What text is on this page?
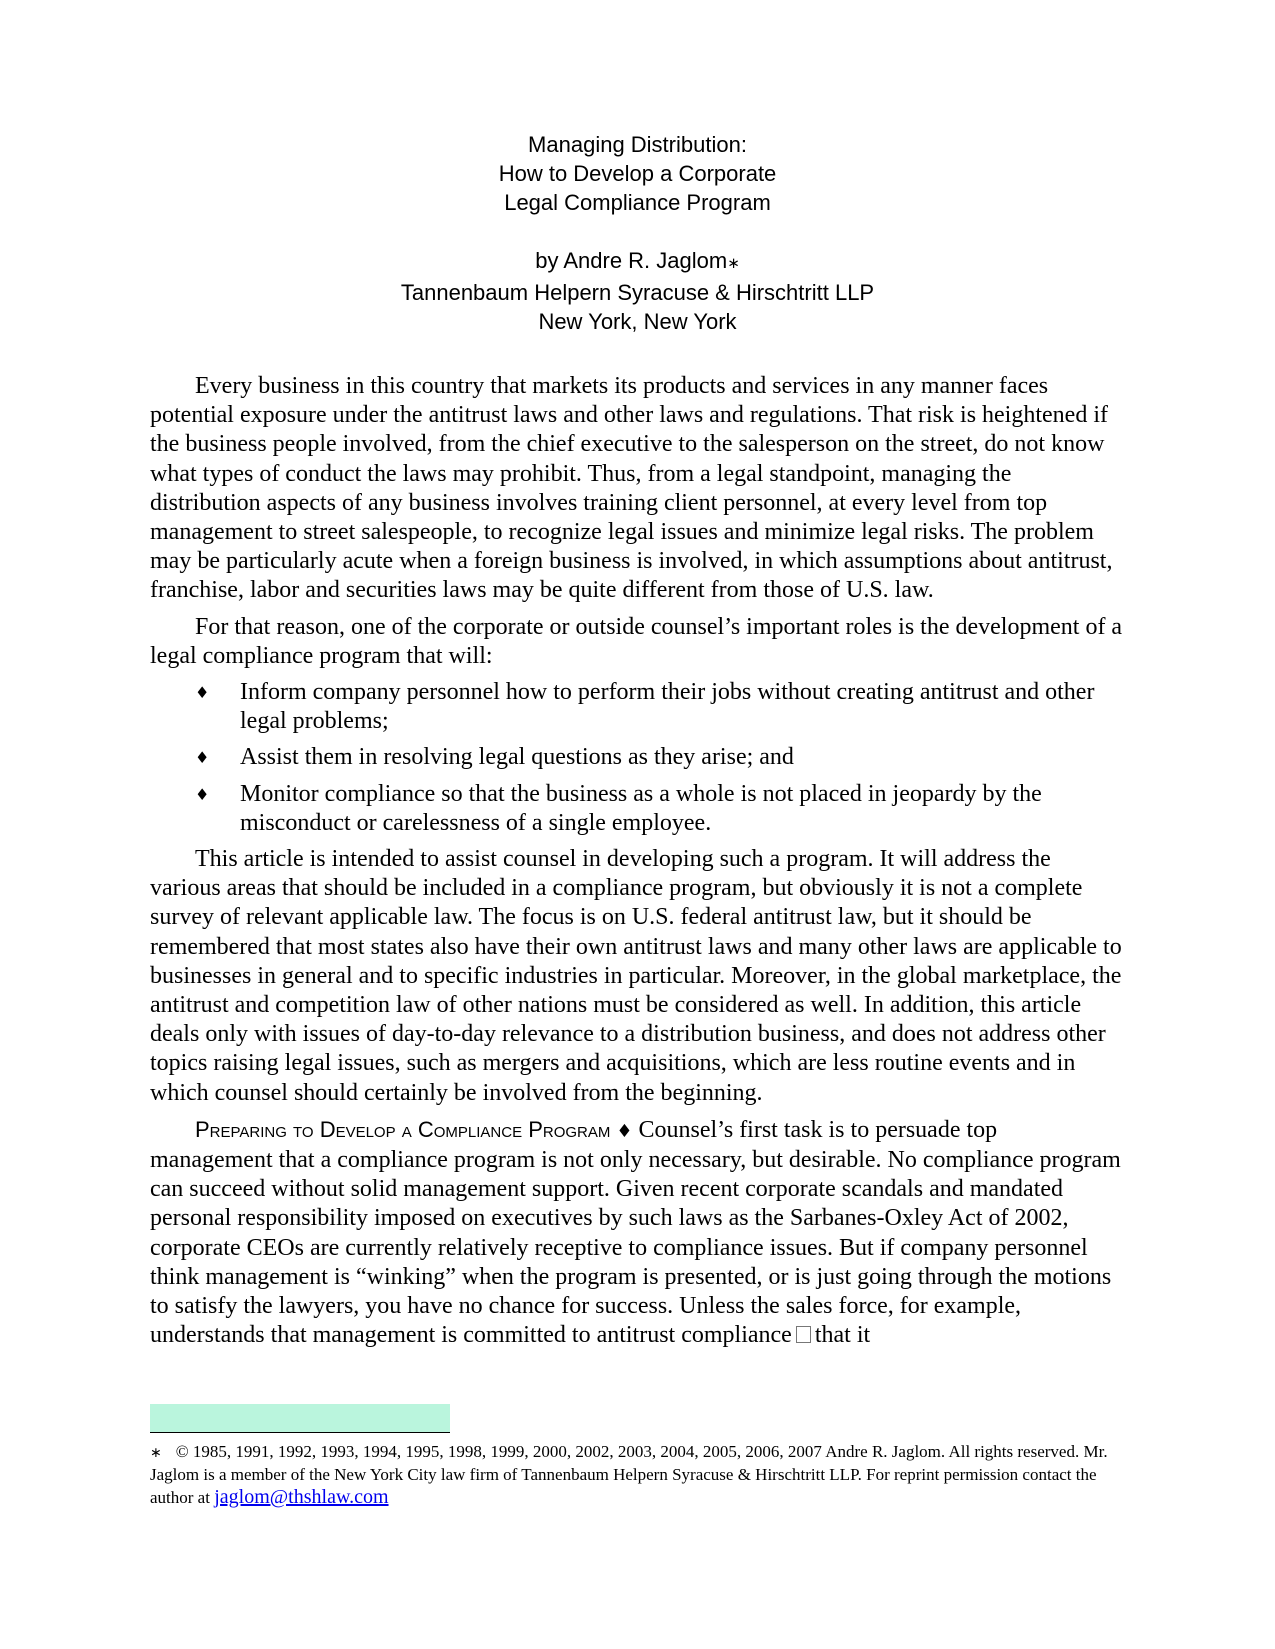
Managing Distribution:
How to Develop a Corporate
Legal Compliance Program
by Andre R. Jaglom∗
Tannenbaum Helpern Syracuse & Hirschtritt LLP
New York, New York

Every business in this country that markets its products and services in any manner faces potential exposure under the antitrust laws and other laws and regulations. That risk is heightened if the business people involved, from the chief executive to the salesperson on the street, do not know what types of conduct the laws may prohibit. Thus, from a legal standpoint, managing the distribution aspects of any business involves training client personnel, at every level from top management to street salespeople, to recognize legal issues and minimize legal risks. The problem may be particularly acute when a foreign business is involved, in which assumptions about antitrust, franchise, labor and securities laws may be quite different from those of U.S. law.

For that reason, one of the corporate or outside counsel’s important roles is the development of a legal compliance program that will:

♦ Inform company personnel how to perform their jobs without creating antitrust and other legal problems;
♦ Assist them in resolving legal questions as they arise; and
♦ Monitor compliance so that the business as a whole is not placed in jeopardy by the misconduct or carelessness of a single employee.

This article is intended to assist counsel in developing such a program. It will address the various areas that should be included in a compliance program, but obviously it is not a complete survey of relevant applicable law. The focus is on U.S. federal antitrust law, but it should be remembered that most states also have their own antitrust laws and many other laws are applicable to businesses in general and to specific industries in particular. Moreover, in the global marketplace, the antitrust and competition law of other nations must be considered as well. In addition, this article deals only with issues of day-to-day relevance to a distribution business, and does not address other topics raising legal issues, such as mergers and acquisitions, which are less routine events and in which counsel should certainly be involved from the beginning.

Preparing to Develop a Compliance Program ♦ Counsel’s first task is to persuade top management that a compliance program is not only necessary, but desirable. No compliance program can succeed without solid management support. Given recent corporate scandals and mandated personal responsibility imposed on executives by such laws as the Sarbanes-Oxley Act of 2002, corporate CEOs are currently relatively receptive to compliance issues. But if company personnel think management is “winking” when the program is presented, or is just going through the motions to satisfy the lawyers, you have no chance for success. Unless the sales force, for example, understands that management is committed to antitrust compliance that it

∗ © 1985, 1991, 1992, 1993, 1994, 1995, 1998, 1999, 2000, 2002, 2003, 2004, 2005, 2006, 2007 Andre R. Jaglom. All rights reserved. Mr. Jaglom is a member of the New York City law firm of Tannenbaum Helpern Syracuse & Hirschtritt LLP. For reprint permission contact the author at jaglom@thshlaw.com
